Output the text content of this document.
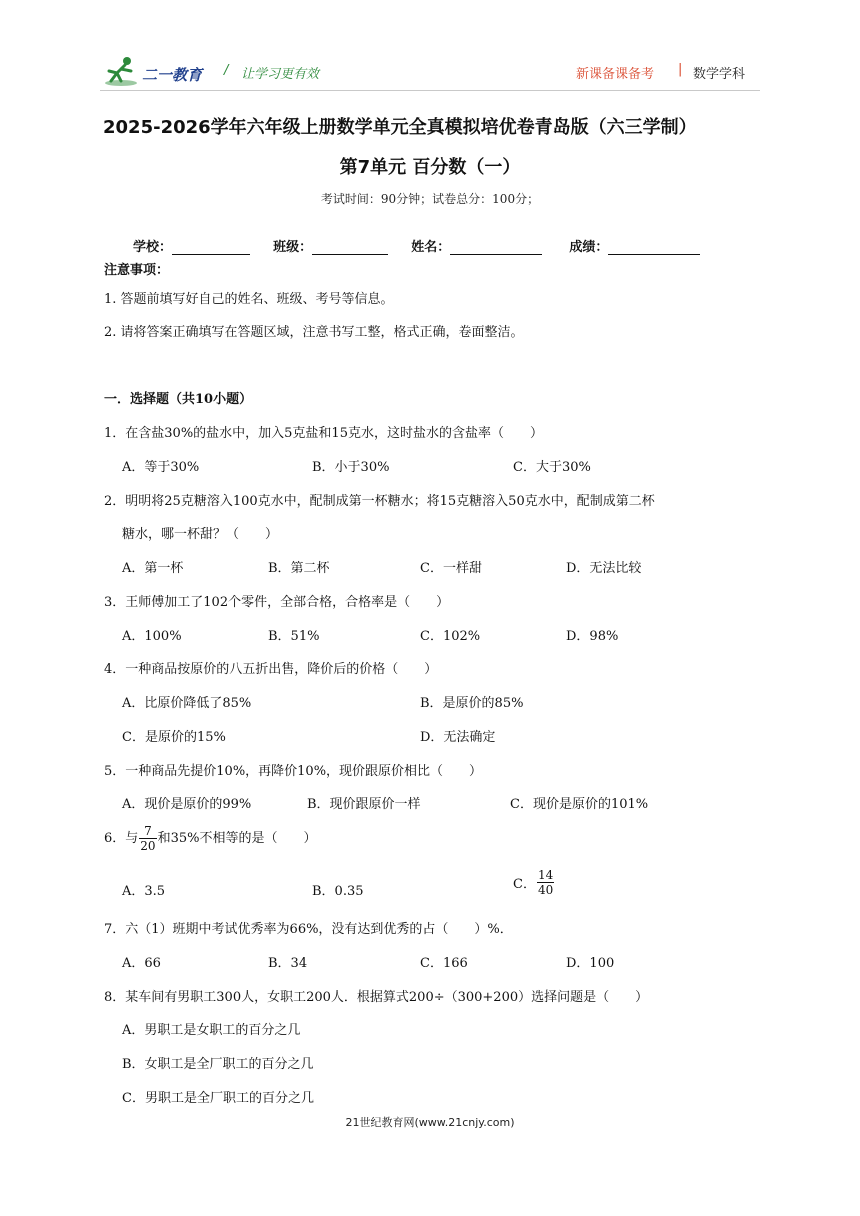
二一教育 / 让学习更有效	新课备课备考 | 数学学科
2025-2026学年六年级上册数学单元全真模拟培优卷青岛版（六三学制）
第7单元 百分数（一）
考试时间：90分钟；试卷总分：100分；
学校：	班级：	姓名：	成绩：
注意事项：
1. 答题前填写好自己的姓名、班级、考号等信息。
2. 请将答案正确填写在答题区域，注意书写工整，格式正确，卷面整洁。
一．选择题（共10小题）
1．在含盐30%的盐水中，加入5克盐和15克水，这时盐水的含盐率（　　）
A．等于30%	B．小于30%	C．大于30%
2．明明将25克糖溶入100克水中，配制成第一杯糖水；将15克糖溶入50克水中，配制成第二杯
糖水，哪一杯甜？（　　）
A．第一杯	B．第二杯	C．一样甜	D．无法比较
3．王师傅加工了102个零件，全部合格，合格率是（　　）
A．100%	B．51%	C．102%	D．98%
4．一种商品按原价的八五折出售，降价后的价格（　　）
A．比原价降低了85%	B．是原价的85%
C．是原价的15%	D．无法确定
5．一种商品先提价10%，再降价10%，现价跟原价相比（　　）
A．现价是原价的99%	B．现价跟原价一样	C．现价是原价的101%
6．与 $\frac{7}{20}$ 和35%不相等的是（　　）
A．3.5	B．0.35	C． $\frac{14}{40}$
7．六（1）班期中考试优秀率为66%，没有达到优秀的占（　　）%．
A．66	B．34	C．166	D．100
8．某车间有男职工300人，女职工200人．根据算式200÷（300+200）选择问题是（　　）
A．男职工是女职工的百分之几
B．女职工是全厂职工的百分之几
C．男职工是全厂职工的百分之几
21世纪教育网(www.21cnjy.com)
